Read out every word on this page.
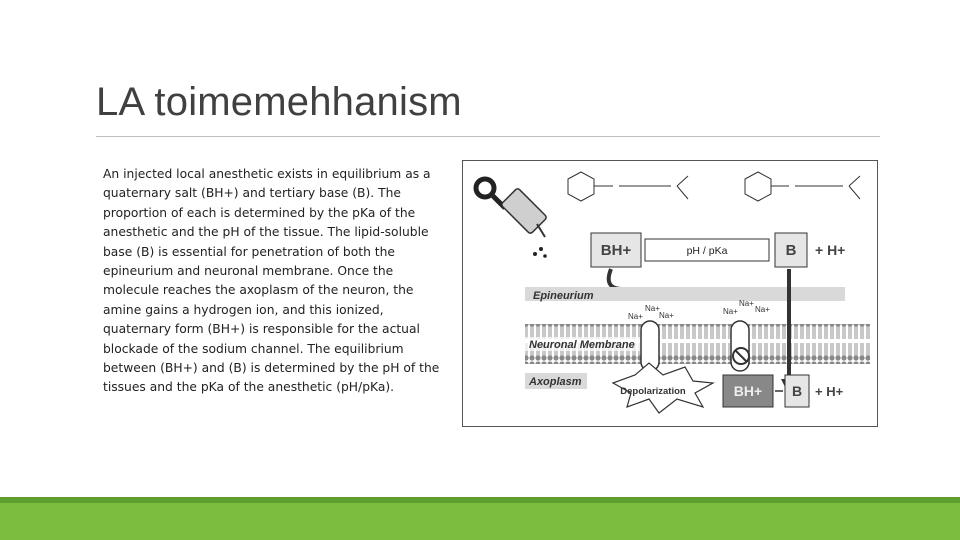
LA toimemehhanism

An injected local anesthetic exists in equilibrium as a quaternary salt (BH+) and tertiary base (B). The proportion of each is determined by the pKa of the anesthetic and the pH of the tissue. The lipid-soluble base (B) is essential for penetration of both the epineurium and neuronal membrane. Once the molecule reaches the axoplasm of the neuron, the amine gains a hydrogen ion, and this ionized, quaternary form (BH+) is responsible for the actual blockade of the sodium channel. The equilibrium between (BH+) and (B) is determined by the pH of the tissues and the pKa of the anesthetic (pH/pKa).

BH+	pH / pKa	B + H+
Epineurium
Na+
Na+
Na+	Na+
Na+
Na+
Neuronal Membrane
Axoplasm
Depolarization	BH+ B + H+
